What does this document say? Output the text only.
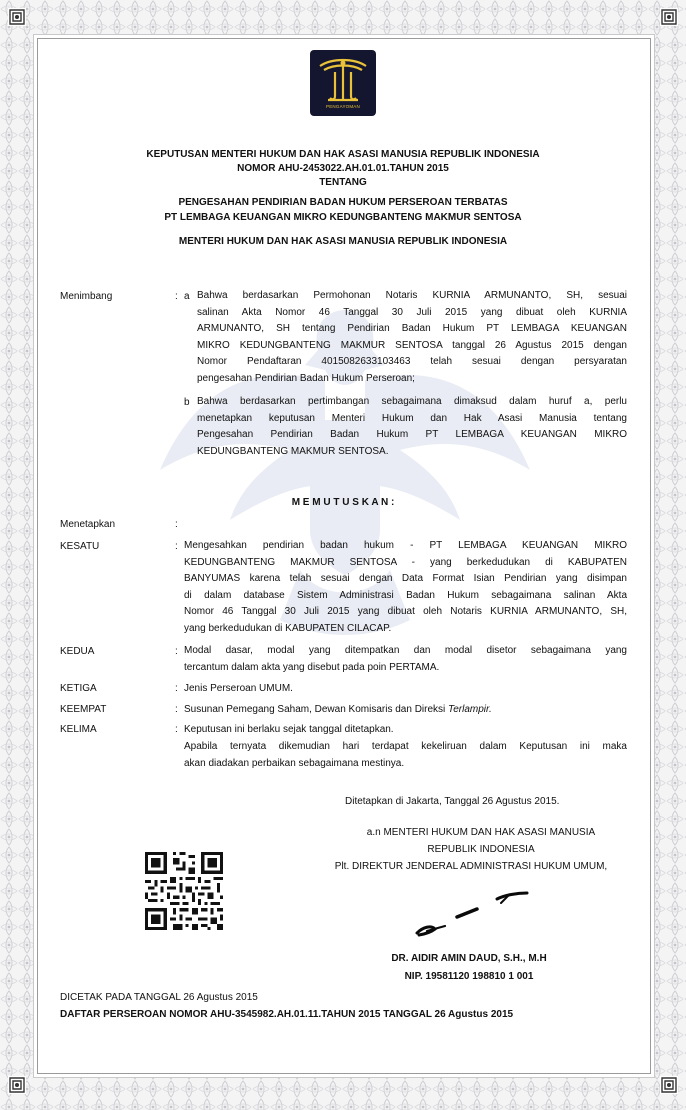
PENGAYOMAN
KEPUTUSAN MENTERI HUKUM DAN HAK ASASI MANUSIA REPUBLIK INDONESIA
NOMOR AHU-2453022.AH.01.01.TAHUN 2015
TENTANG
PENGESAHAN PENDIRIAN BADAN HUKUM PERSEROAN TERBATAS
PT LEMBAGA KEUANGAN MIKRO KEDUNGBANTENG MAKMUR SENTOSA
MENTERI HUKUM DAN HAK ASASI MANUSIA REPUBLIK INDONESIA
Menimbang	: a Bahwa berdasarkan Permohonan Notaris KURNIA ARMUNANTO, SH, sesuai
salinan Akta Nomor 46 Tanggal 30 Juli 2015 yang dibuat oleh KURNIA
ARMUNANTO, SH tentang Pendirian Badan Hukum PT LEMBAGA KEUANGAN
MIKRO KEDUNGBANTENG MAKMUR SENTOSA tanggal 26 Agustus 2015 dengan
Nomor Pendaftaran 4015082633103463 telah sesuai dengan persyaratan
pengesahan Pendirian Badan Hukum Perseroan;
b Bahwa berdasarkan pertimbangan sebagaimana dimaksud dalam huruf a, perlu
menetapkan keputusan Menteri Hukum dan Hak Asasi Manusia tentang
Pengesahan Pendirian Badan Hukum PT LEMBAGA KEUANGAN MIKRO
KEDUNGBANTENG MAKMUR SENTOSA.
M E M U T U S K A N :
Menetapkan	:
KESATU	: Mengesahkan pendirian badan hukum - PT LEMBAGA KEUANGAN MIKRO
KEDUNGBANTENG MAKMUR SENTOSA - yang berkedudukan di KABUPATEN
BANYUMAS karena telah sesuai dengan Data Format Isian Pendirian yang disimpan
di dalam database Sistem Administrasi Badan Hukum sebagaimana salinan Akta
Nomor 46 Tanggal 30 Juli 2015 yang dibuat oleh Notaris KURNIA ARMUNANTO, SH,
yang berkedudukan di KABUPATEN CILACAP.
KEDUA	: Modal dasar, modal yang ditempatkan dan modal disetor sebagaimana yang
tercantum dalam akta yang disebut pada poin PERTAMA.
KETIGA	: Jenis Perseroan UMUM.
KEEMPAT	: Susunan Pemegang Saham, Dewan Komisaris dan Direksi Terlampir.
KELIMA	: Keputusan ini berlaku sejak tanggal ditetapkan.
Apabila ternyata dikemudian hari terdapat kekeliruan dalam Keputusan ini maka
akan diadakan perbaikan sebagaimana mestinya.
Ditetapkan di Jakarta, Tanggal 26 Agustus 2015.
a.n MENTERI HUKUM DAN HAK ASASI MANUSIA
REPUBLIK INDONESIA
Plt. DIREKTUR JENDERAL ADMINISTRASI HUKUM UMUM,
DR. AIDIR AMIN DAUD, S.H., M.H
NIP. 19581120 198810 1 001
DICETAK PADA TANGGAL 26 Agustus 2015
DAFTAR PERSEROAN NOMOR AHU-3545982.AH.01.11.TAHUN 2015 TANGGAL 26 Agustus 2015
